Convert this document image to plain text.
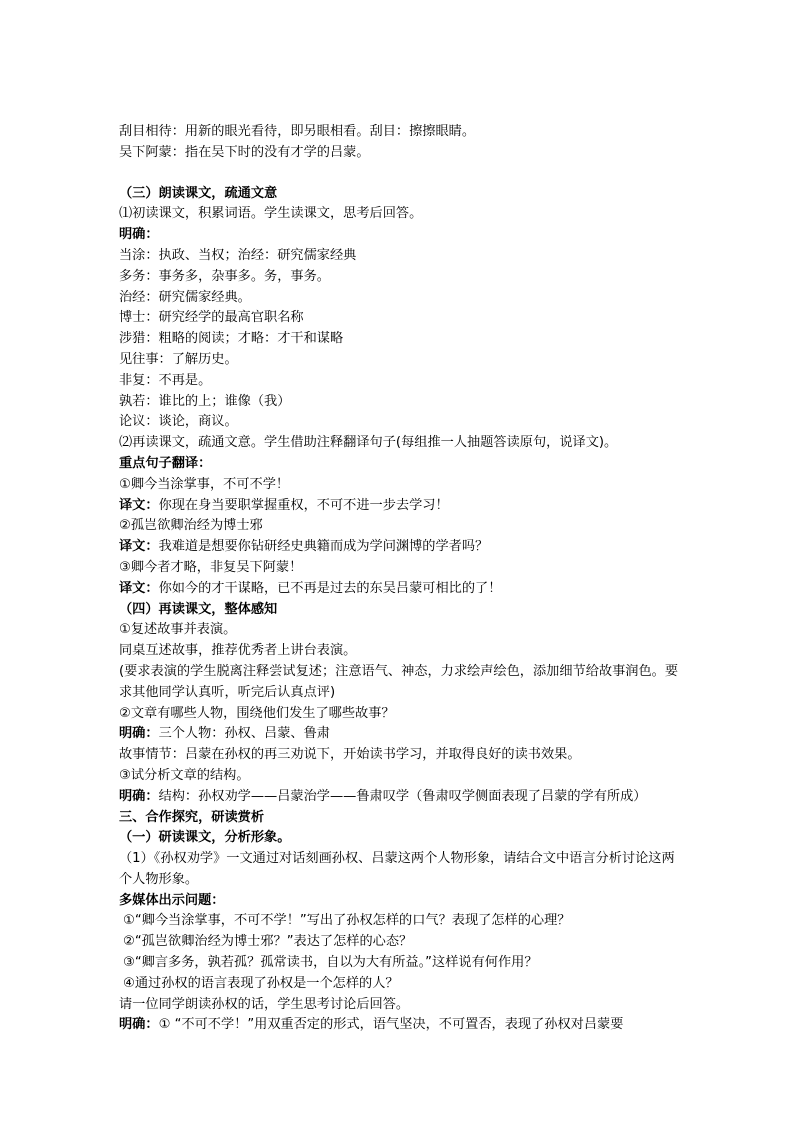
刮目相待：用新的眼光看待，即另眼相看。刮目：擦擦眼睛。

吴下阿蒙：指在吴下时的没有才学的吕蒙。

（三）朗读课文，疏通文意

⑴初读课文，积累词语。学生读课文，思考后回答。

明确：

当涂：执政、当权；治经：研究儒家经典

多务：事务多，杂事多。务，事务。

治经：研究儒家经典。

博士：研究经学的最高官职名称

涉猎：粗略的阅读；才略：才干和谋略

见往事：了解历史。

非复：不再是。

孰若：谁比的上；谁像（我）

论议：谈论，商议。

⑵再读课文，疏通文意。学生借助注释翻译句子(每组推一人抽题答读原句，说译文)。

重点句子翻译：

①卿今当涂掌事，不可不学！

译文：你现在身当要职掌握重权，不可不进一步去学习！

②孤岂欲卿治经为博士邪

译文：我难道是想要你钻研经史典籍而成为学问渊博的学者吗？

③卿今者才略，非复吴下阿蒙！

译文：你如今的才干谋略，已不再是过去的东吴吕蒙可相比的了！

（四）再读课文，整体感知

①复述故事并表演。

同桌互述故事，推荐优秀者上讲台表演。

(要求表演的学生脱离注释尝试复述；注意语气、神态，力求绘声绘色，添加细节给故事润色。要求其他同学认真听，听完后认真点评)

②文章有哪些人物，围绕他们发生了哪些故事？

明确：三个人物：孙权、吕蒙、鲁肃

故事情节：吕蒙在孙权的再三劝说下，开始读书学习，并取得良好的读书效果。

③试分析文章的结构。

明确：结构：孙权劝学——吕蒙治学——鲁肃叹学（鲁肃叹学侧面表现了吕蒙的学有所成）

三、合作探究，研读赏析

（一）研读课文，分析形象。

（1）《孙权劝学》一文通过对话刻画孙权、吕蒙这两个人物形象，请结合文中语言分析讨论这两个人物形象。

多媒体出示问题：

①“卿今当涂掌事，不可不学！”写出了孙权怎样的口气？表现了怎样的心理？

②“孤岂欲卿治经为博士邪？”表达了怎样的心态？

③“卿言多务，孰若孤？孤常读书，自以为大有所益。”这样说有何作用？

④通过孙权的语言表现了孙权是一个怎样的人？

请一位同学朗读孙权的话，学生思考讨论后回答。

明确：① “不可不学！”用双重否定的形式，语气坚决，不可置否，表现了孙权对吕蒙要
